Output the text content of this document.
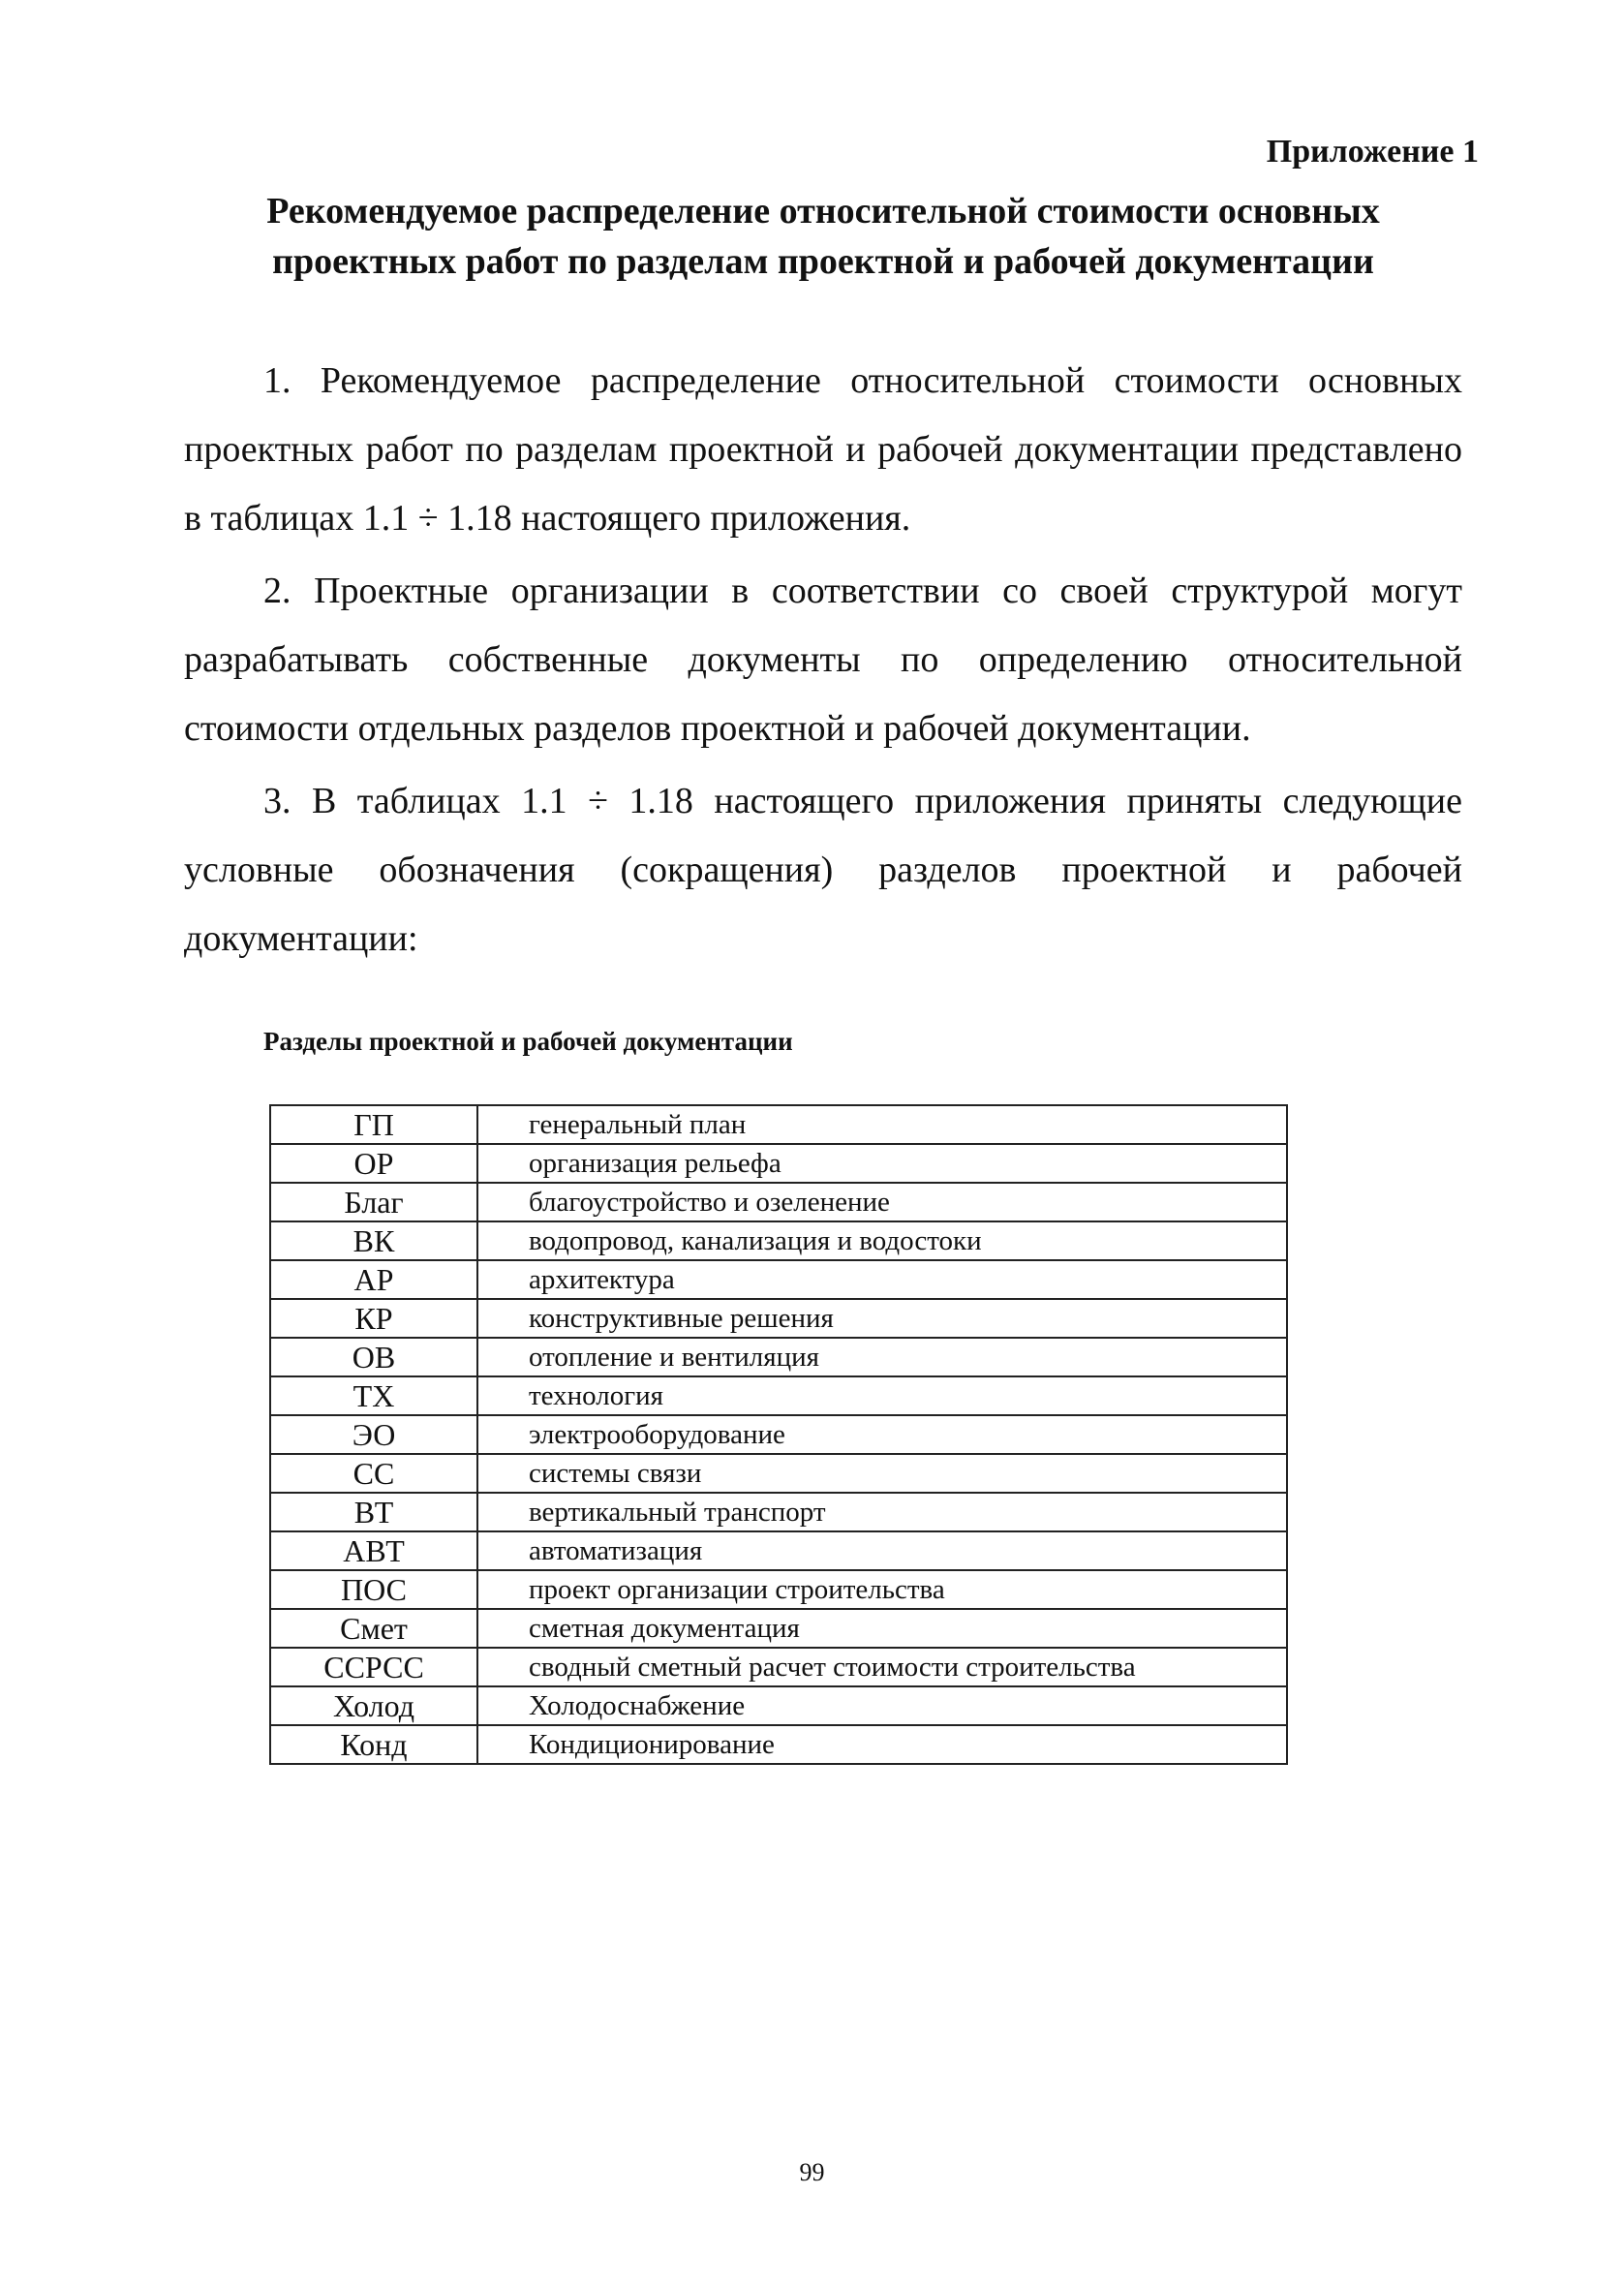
Приложение 1
Рекомендуемое распределение относительной стоимости основных проектных работ по разделам проектной и рабочей документации

1. Рекомендуемое распределение относительной стоимости основных проектных работ по разделам проектной и рабочей документации представлено в таблицах 1.1 ÷ 1.18 настоящего приложения.

2. Проектные организации в соответствии со своей структурой могут разрабатывать собственные документы по определению относительной стоимости отдельных разделов проектной и рабочей документации.

3. В таблицах 1.1 ÷ 1.18 настоящего приложения приняты следующие условные обозначения (сокращения) разделов проектной и рабочей документации:

Разделы проектной и рабочей документации
ГП	генеральный план
ОР	организация рельефа
Благ	благоустройство и озеленение
ВК	водопровод, канализация и водостоки
АР	архитектура
КР	конструктивные решения
ОВ	отопление и вентиляция
ТХ	технология
ЭО	электрооборудование
СС	системы связи
ВТ	вертикальный транспорт
АВТ	автоматизация
ПОС	проект организации строительства
Смет	сметная документация
ССРСС	сводный сметный расчет стоимости строительства
Холод	Холодоснабжение
Конд	Кондиционирование
99
